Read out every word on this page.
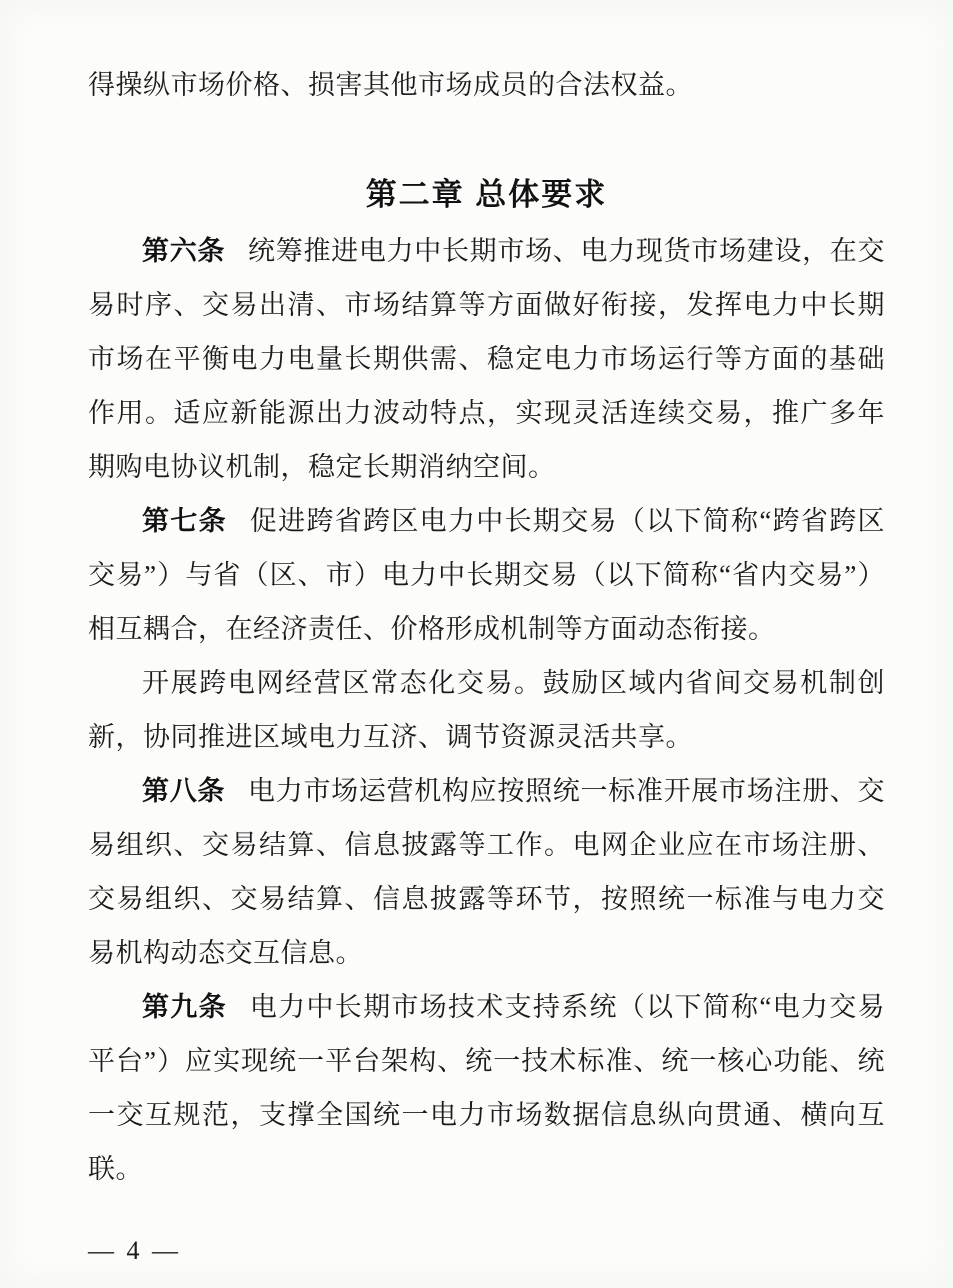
得操纵市场价格、损害其他市场成员的合法权益。

第二章 总体要求

第六条 统筹推进电力中长期市场、电力现货市场建设，在交易时序、交易出清、市场结算等方面做好衔接，发挥电力中长期市场在平衡电力电量长期供需、稳定电力市场运行等方面的基础作用。适应新能源出力波动特点，实现灵活连续交易，推广多年期购电协议机制，稳定长期消纳空间。

第七条 促进跨省跨区电力中长期交易（以下简称“跨省跨区交易”）与省（区、市）电力中长期交易（以下简称“省内交易”）相互耦合，在经济责任、价格形成机制等方面动态衔接。

开展跨电网经营区常态化交易。鼓励区域内省间交易机制创新，协同推进区域电力互济、调节资源灵活共享。

第八条 电力市场运营机构应按照统一标准开展市场注册、交易组织、交易结算、信息披露等工作。电网企业应在市场注册、交易组织、交易结算、信息披露等环节，按照统一标准与电力交易机构动态交互信息。

第九条 电力中长期市场技术支持系统（以下简称“电力交易平台”）应实现统一平台架构、统一技术标准、统一核心功能、统一交互规范，支撑全国统一电力市场数据信息纵向贯通、横向互联。

— 4 —
